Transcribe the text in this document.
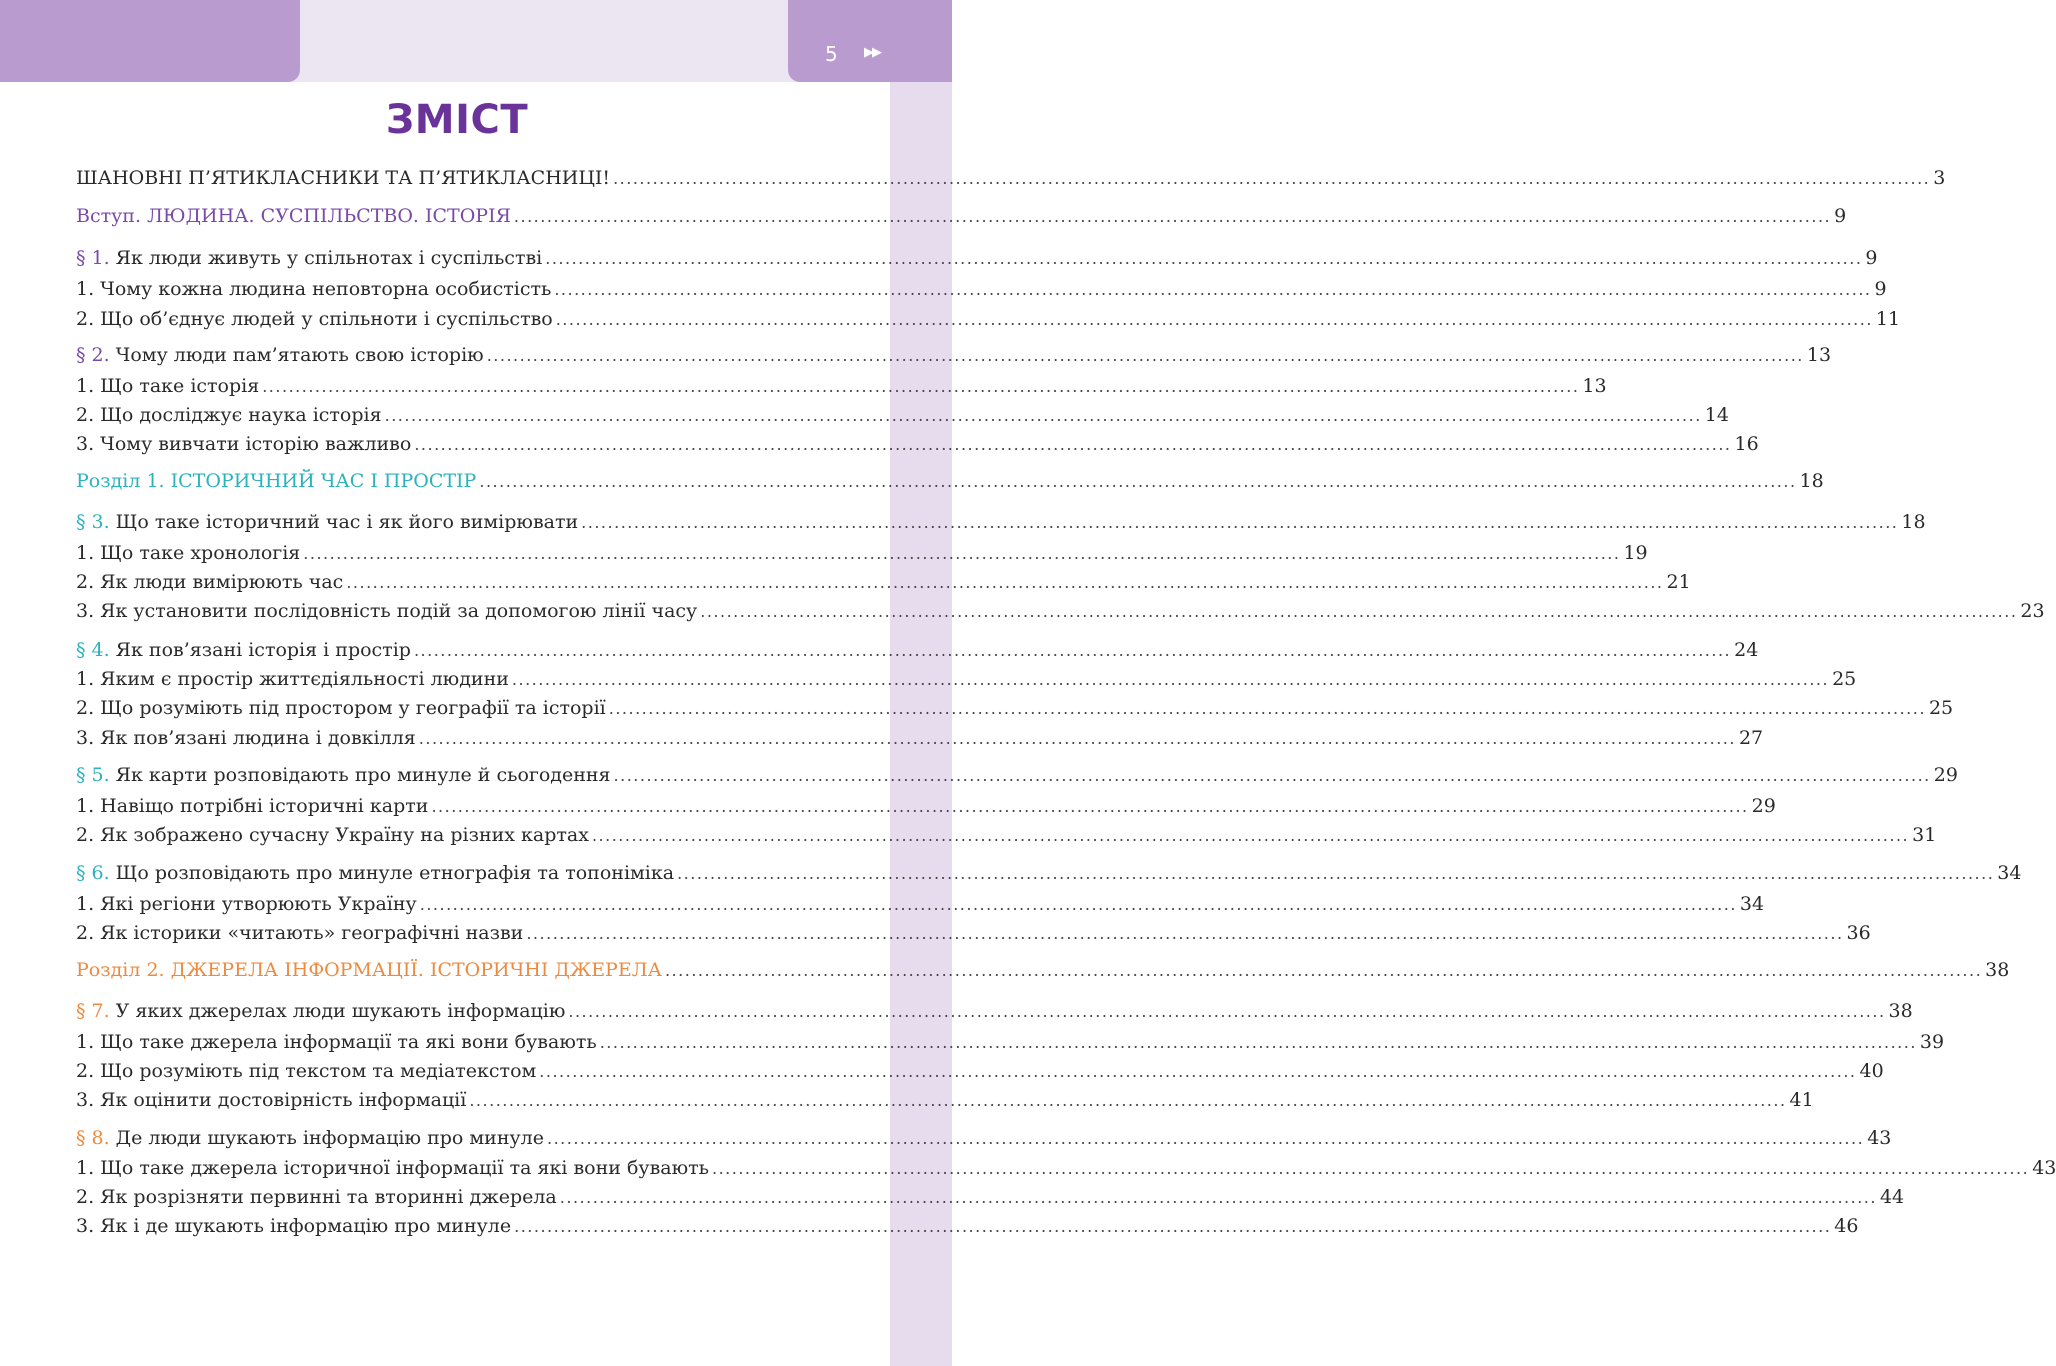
5 ▶▶
ЗМІСТ
ШАНОВНІ П’ЯТИКЛАСНИКИ ТА П’ЯТИКЛАСНИЦІ! ........................................................................................................................................................................................................ 3
Вступ. ЛЮДИНА. СУСПІЛЬСТВО. ІСТОРІЯ ........................................................................................................................................................................................................ 9
§ 1. Як люди живуть у спільнотах і суспільстві ........................................................................................................................................................................................................ 9
1. Чому кожна людина неповторна особистість ........................................................................................................................................................................................................ 9
2. Що об’єднує людей у спільноти і суспільство ........................................................................................................................................................................................................ 11
§ 2. Чому люди пам’ятають свою історію ........................................................................................................................................................................................................ 13
1. Що таке історія ........................................................................................................................................................................................................ 13
2. Що досліджує наука історія ........................................................................................................................................................................................................ 14
3. Чому вивчати історію важливо ........................................................................................................................................................................................................ 16
Розділ 1. ІСТОРИЧНИЙ ЧАС І ПРОСТІР ........................................................................................................................................................................................................ 18
§ 3. Що таке історичний час і як його вимірювати ........................................................................................................................................................................................................ 18
1. Що таке хронологія ........................................................................................................................................................................................................ 19
2. Як люди вимірюють час ........................................................................................................................................................................................................ 21
3. Як установити послідовність подій за допомогою лінії часу ........................................................................................................................................................................................................ 23
§ 4. Як пов’язані історія і простір ........................................................................................................................................................................................................ 24
1. Яким є простір життєдіяльності людини ........................................................................................................................................................................................................ 25
2. Що розуміють під простором у географії та історії ........................................................................................................................................................................................................ 25
3. Як пов’язані людина і довкілля ........................................................................................................................................................................................................ 27
§ 5. Як карти розповідають про минуле й сьогодення ........................................................................................................................................................................................................ 29
1. Навіщо потрібні історичні карти ........................................................................................................................................................................................................ 29
2. Як зображено сучасну Україну на різних картах ........................................................................................................................................................................................................ 31
§ 6. Що розповідають про минуле етнографія та топоніміка ........................................................................................................................................................................................................ 34
1. Які регіони утворюють Україну ........................................................................................................................................................................................................ 34
2. Як історики «читають» географічні назви ........................................................................................................................................................................................................ 36
Розділ 2. ДЖЕРЕЛА ІНФОРМАЦІЇ. ІСТОРИЧНІ ДЖЕРЕЛА ........................................................................................................................................................................................................ 38
§ 7. У яких джерелах люди шукають інформацію ........................................................................................................................................................................................................ 38
1. Що таке джерела інформації та які вони бувають ........................................................................................................................................................................................................ 39
2. Що розуміють під текстом та медіатекстом ........................................................................................................................................................................................................ 40
3. Як оцінити достовірність інформації ........................................................................................................................................................................................................ 41
§ 8. Де люди шукають інформацію про минуле ........................................................................................................................................................................................................ 43
1. Що таке джерела історичної інформації та які вони бувають ........................................................................................................................................................................................................ 43
2. Як розрізняти первинні та вторинні джерела ........................................................................................................................................................................................................ 44
3. Як і де шукають інформацію про минуле ........................................................................................................................................................................................................ 46
